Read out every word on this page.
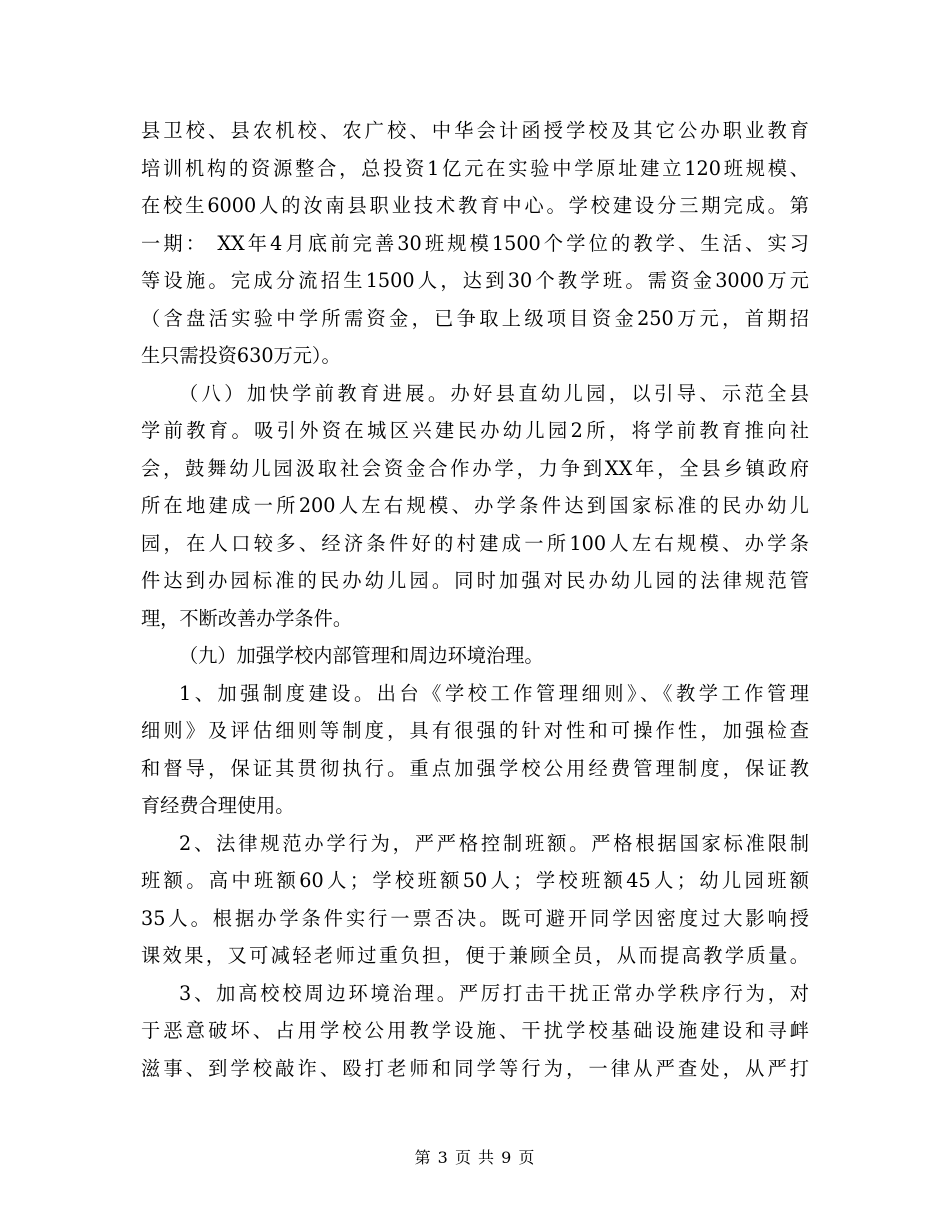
县卫校、县农机校、农广校、中华会计函授学校及其它公办职业教育
培训机构的资源整合，总投资1亿元在实验中学原址建立120班规模、
在校生6000人的汝南县职业技术教育中心。学校建设分三期完成。第
一期： XX年4月底前完善30班规模1500个学位的教学、生活、实习
等设施。完成分流招生1500人，达到30个教学班。需资金3000万元
（含盘活实验中学所需资金，已争取上级项目资金250万元，首期招
生只需投资630万元）。
（八）加快学前教育进展。办好县直幼儿园，以引导、示范全县
学前教育。吸引外资在城区兴建民办幼儿园2所，将学前教育推向社
会，鼓舞幼儿园汲取社会资金合作办学，力争到XX年，全县乡镇政府
所在地建成一所200人左右规模、办学条件达到国家标准的民办幼儿
园，在人口较多、经济条件好的村建成一所100人左右规模、办学条
件达到办园标准的民办幼儿园。同时加强对民办幼儿园的法律规范管
理，不断改善办学条件。
（九）加强学校内部管理和周边环境治理。
1、加强制度建设。出台《学校工作管理细则》、《教学工作管理
细则》及评估细则等制度，具有很强的针对性和可操作性，加强检查
和督导，保证其贯彻执行。重点加强学校公用经费管理制度，保证教
育经费合理使用。
2、法律规范办学行为，严严格控制班额。严格根据国家标准限制
班额。高中班额60人；学校班额50人；学校班额45人；幼儿园班额
35人。根据办学条件实行一票否决。既可避开同学因密度过大影响授
课效果，又可减轻老师过重负担，便于兼顾全员，从而提高教学质量。
3、加高校校周边环境治理。严厉打击干扰正常办学秩序行为，对
于恶意破坏、占用学校公用教学设施、干扰学校基础设施建设和寻衅
滋事、到学校敲诈、殴打老师和同学等行为，一律从严查处，从严打
第 3 页 共 9 页
